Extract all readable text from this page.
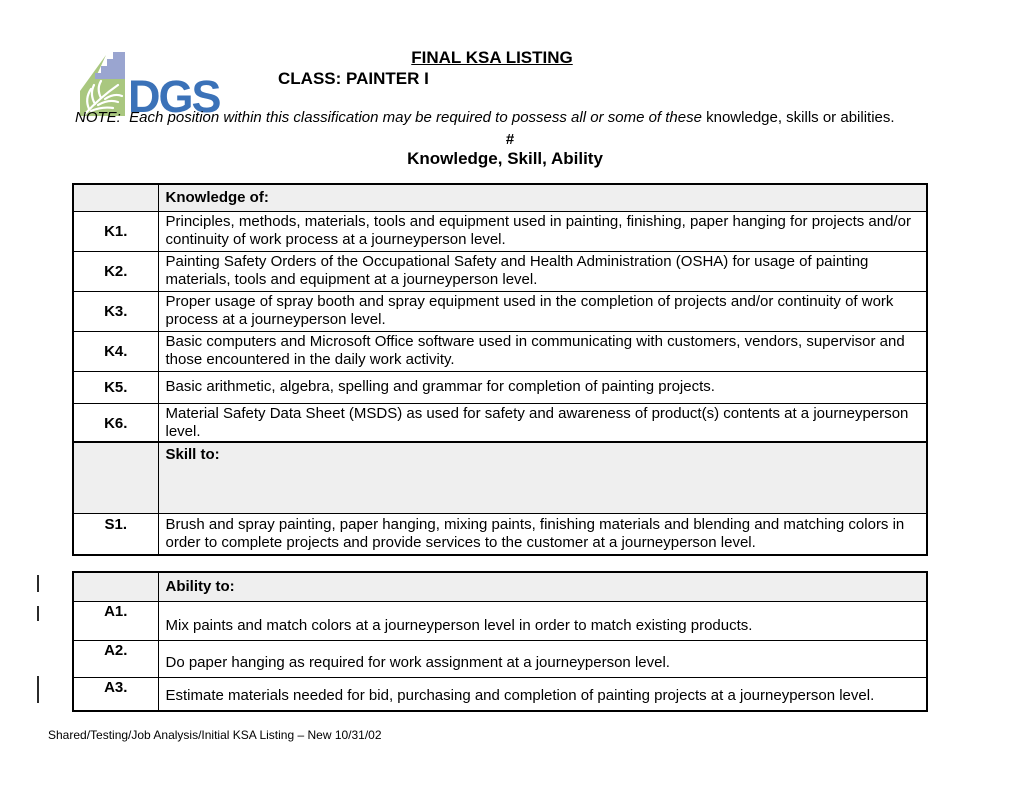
DGS
FINAL KSA LISTING
CLASS: PAINTER I
NOTE:  Each position within this classification may be required to possess all or some of these knowledge, skills or abilities.
#
Knowledge, Skill, Ability
	Knowledge of:
K1.	Principles, methods, materials, tools and equipment used in painting, finishing, paper hanging for projects and/or continuity of work process at a journeyperson level.
K2.	Painting Safety Orders of the Occupational Safety and Health Administration (OSHA) for usage of painting materials, tools and equipment at a journeyperson level.
K3.	Proper usage of spray booth and spray equipment used in the completion of projects and/or continuity of work process at a journeyperson level.
K4.	Basic computers and Microsoft Office software used in communicating with customers, vendors, supervisor and those encountered in the daily work activity.
K5.	Basic arithmetic, algebra, spelling and grammar for completion of painting projects.
K6.	Material Safety Data Sheet (MSDS) as used for safety and awareness of product(s) contents at a journeyperson level.
	Skill to:
S1.	Brush and spray painting, paper hanging, mixing paints, finishing materials and blending and matching colors in order to complete projects and provide services to the customer at a journeyperson level.
	Ability to:
A1.	Mix paints and match colors at a journeyperson level in order to match existing products.
A2.	Do paper hanging as required for work assignment at a journeyperson level.
A3.	Estimate materials needed for bid, purchasing and completion of painting projects at a journeyperson level.
Shared/Testing/Job Analysis/Initial KSA Listing – New 10/31/02
